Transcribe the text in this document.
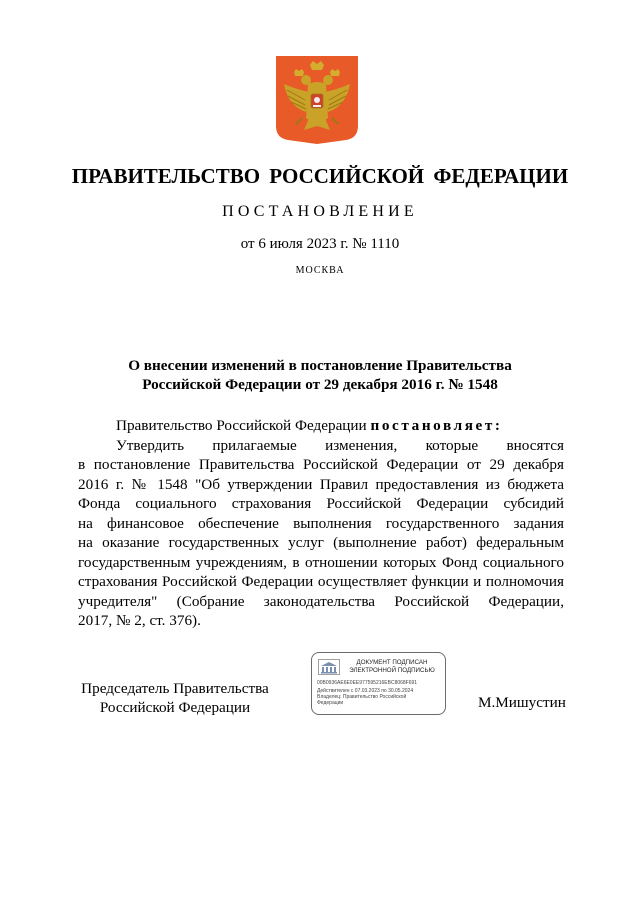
ПРАВИТЕЛЬСТВО РОССИЙСКОЙ ФЕДЕРАЦИИ
ПОСТАНОВЛЕНИЕ
от 6 июля 2023 г. № 1110
МОСКВА
О внесении изменений в постановление Правительства
Российской Федерации от 29 декабря 2016 г. № 1548

Правительство Российской Федерации постановляет:

Утвердить прилагаемые изменения, которые вносятся
в постановление Правительства Российской Федерации от 29 декабря
2016 г. № 1548 "Об утверждении Правил предоставления из бюджета
Фонда социального страхования Российской Федерации субсидий
на финансовое обеспечение выполнения государственного задания
на оказание государственных услуг (выполнение работ) федеральным
государственным учреждениям, в отношении которых Фонд социального
страхования Российской Федерации осуществляет функции и полномочия
учредителя" (Собрание законодательства Российской Федерации,
2017, № 2, ст. 376).

Председатель Правительства
Российской Федерации
ДОКУМЕНТ ПОДПИСАН
ЭЛЕКТРОННОЙ ПОДПИСЬЮ
00B0936AE6E0EE977595216EBC8068F691
Действителен с 07.03.2023 по 30.05.2024
Владелец: Правительство Российской
Федерации	М.Мишустин
